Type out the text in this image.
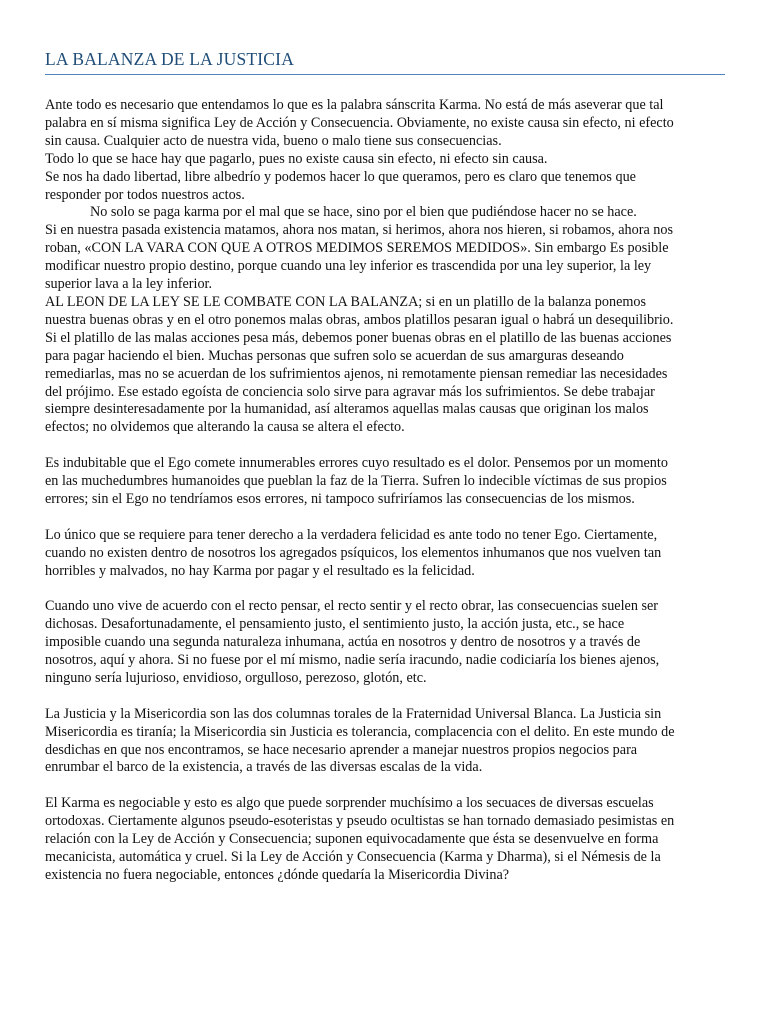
LA BALANZA DE LA JUSTICIA
Ante todo es necesario que entendamos lo que es la palabra sánscrita Karma. No está de más aseverar que tal
palabra en sí misma significa Ley de Acción y Consecuencia. Obviamente, no existe causa sin efecto, ni efecto
sin causa. Cualquier acto de nuestra vida, bueno o malo tiene sus consecuencias.
Todo lo que se hace hay que pagarlo, pues no existe causa sin efecto, ni efecto sin causa.
Se nos ha dado libertad, libre albedrío y podemos hacer lo que queramos, pero es claro que tenemos que
responder por todos nuestros actos.
No solo se paga karma por el mal que se hace, sino por el bien que pudiéndose hacer no se hace.
Si en nuestra pasada existencia matamos, ahora nos matan, si herimos, ahora nos hieren, si robamos, ahora nos
roban, «CON LA VARA CON QUE A OTROS MEDIMOS SEREMOS MEDIDOS». Sin embargo Es posible
modificar nuestro propio destino, porque cuando una ley inferior es trascendida por una ley superior, la ley
superior lava a la ley inferior.
AL LEON DE LA LEY SE LE COMBATE CON LA BALANZA; si en un platillo de la balanza ponemos
nuestra buenas obras y en el otro ponemos malas obras, ambos platillos pesaran igual o habrá un desequilibrio.
Si el platillo de las malas acciones pesa más, debemos poner buenas obras en el platillo de las buenas acciones
para pagar haciendo el bien. Muchas personas que sufren solo se acuerdan de sus amarguras deseando
remediarlas, mas no se acuerdan de los sufrimientos ajenos, ni remotamente piensan remediar las necesidades
del prójimo. Ese estado egoísta de conciencia solo sirve para agravar más los sufrimientos. Se debe trabajar
siempre desinteresadamente por la humanidad, así alteramos aquellas malas causas que originan los malos
efectos; no olvidemos que alterando la causa se altera el efecto.
Es indubitable que el Ego comete innumerables errores cuyo resultado es el dolor. Pensemos por un momento
en las muchedumbres humanoides que pueblan la faz de la Tierra. Sufren lo indecible víctimas de sus propios
errores; sin el Ego no tendríamos esos errores, ni tampoco sufriríamos las consecuencias de los mismos.
Lo único que se requiere para tener derecho a la verdadera felicidad es ante todo no tener Ego. Ciertamente,
cuando no existen dentro de nosotros los agregados psíquicos, los elementos inhumanos que nos vuelven tan
horribles y malvados, no hay Karma por pagar y el resultado es la felicidad.
Cuando uno vive de acuerdo con el recto pensar, el recto sentir y el recto obrar, las consecuencias suelen ser
dichosas. Desafortunadamente, el pensamiento justo, el sentimiento justo, la acción justa, etc., se hace
imposible cuando una segunda naturaleza inhumana, actúa en nosotros y dentro de nosotros y a través de
nosotros, aquí y ahora. Si no fuese por el mí mismo, nadie sería iracundo, nadie codiciaría los bienes ajenos,
ninguno sería lujurioso, envidioso, orgulloso, perezoso, glotón, etc.
La Justicia y la Misericordia son las dos columnas torales de la Fraternidad Universal Blanca. La Justicia sin
Misericordia es tiranía; la Misericordia sin Justicia es tolerancia, complacencia con el delito. En este mundo de
desdichas en que nos encontramos, se hace necesario aprender a manejar nuestros propios negocios para
enrumbar el barco de la existencia, a través de las diversas escalas de la vida.
El Karma es negociable y esto es algo que puede sorprender muchísimo a los secuaces de diversas escuelas
ortodoxas. Ciertamente algunos pseudo-esoteristas y pseudo ocultistas se han tornado demasiado pesimistas en
relación con la Ley de Acción y Consecuencia; suponen equivocadamente que ésta se desenvuelve en forma
mecanicista, automática y cruel. Si la Ley de Acción y Consecuencia (Karma y Dharma), si el Némesis de la
existencia no fuera negociable, entonces ¿dónde quedaría la Misericordia Divina?
